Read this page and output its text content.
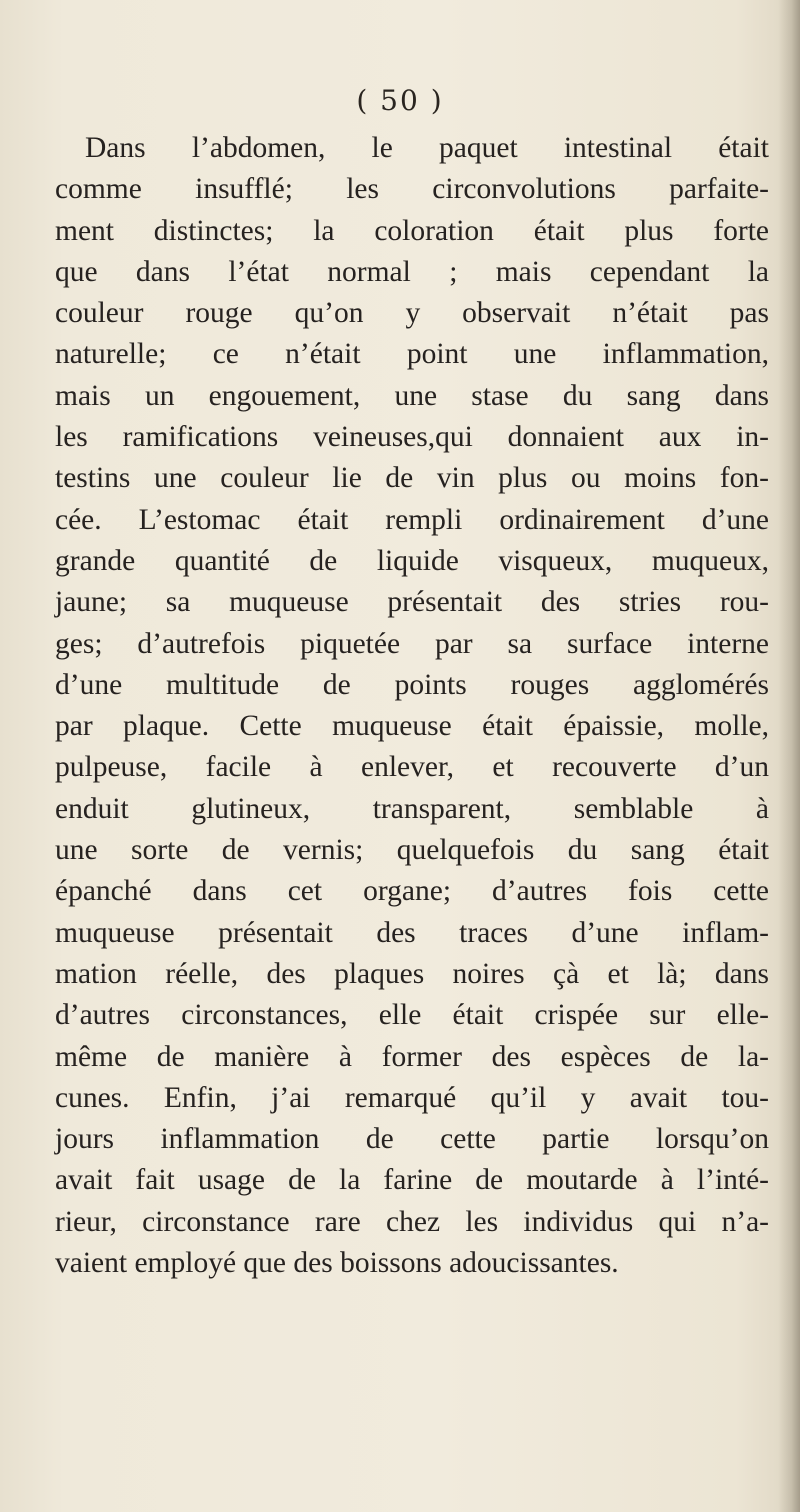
( 50 )
Dans l’abdomen, le paquet intestinal était
comme insufflé; les circonvolutions parfaite-
ment distinctes; la coloration était plus forte
que dans l’état normal ; mais cependant la
couleur rouge qu’on y observait n’était pas
naturelle; ce n’était point une inflammation,
mais un engouement, une stase du sang dans
les ramifications veineuses,qui donnaient aux in-
testins une couleur lie de vin plus ou moins fon-
cée. L’estomac était rempli ordinairement d’une
grande quantité de liquide visqueux, muqueux,
jaune; sa muqueuse présentait des stries rou-
ges; d’autrefois piquetée par sa surface interne
d’une multitude de points rouges agglomérés
par plaque. Cette muqueuse était épaissie, molle,
pulpeuse, facile à enlever, et recouverte d’un
enduit glutineux, transparent, semblable à
une sorte de vernis; quelquefois du sang était
épanché dans cet organe; d’autres fois cette
muqueuse présentait des traces d’une inflam-
mation réelle, des plaques noires çà et là; dans
d’autres circonstances, elle était crispée sur elle-
même de manière à former des espèces de la-
cunes. Enfin, j’ai remarqué qu’il y avait tou-
jours inflammation de cette partie lorsqu’on
avait fait usage de la farine de moutarde à l’inté-
rieur, circonstance rare chez les individus qui n’a-
vaient employé que des boissons adoucissantes.
